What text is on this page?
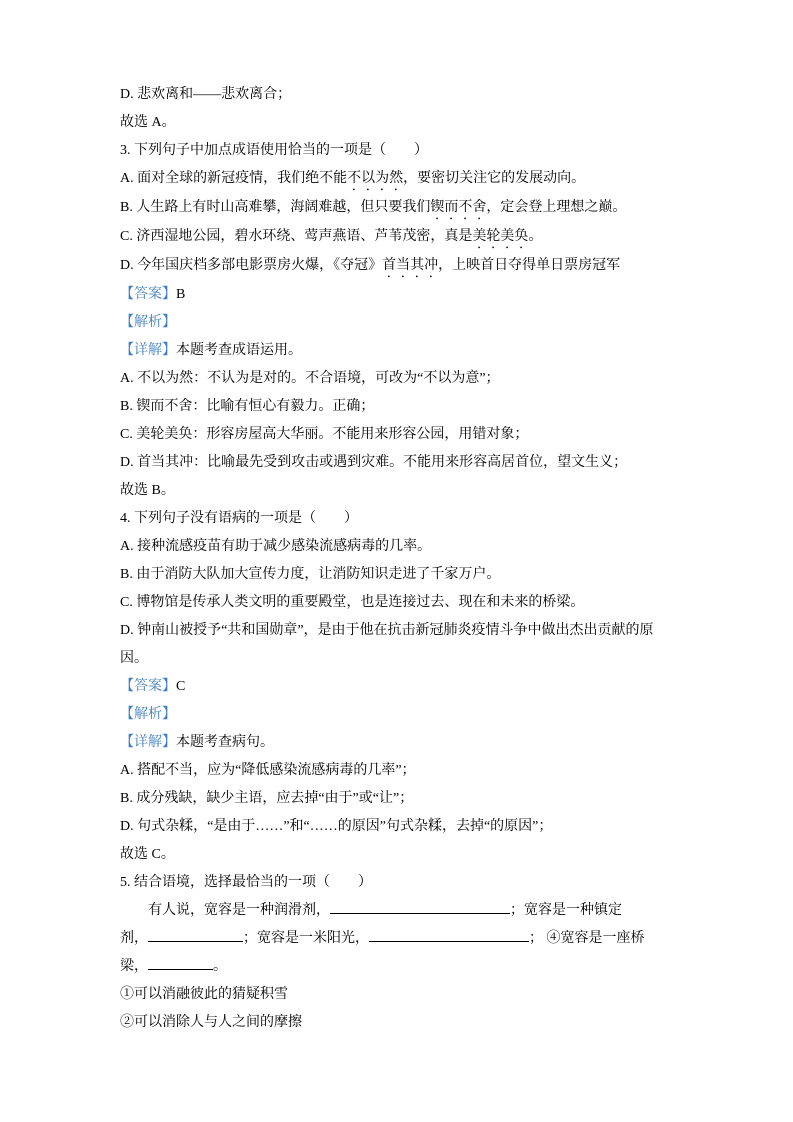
D. 悲欢离和——悲欢离合；

故选 A。

3. 下列句子中加点成语使用恰当的一项是（　　）

A. 面对全球的新冠疫情，我们绝不能不以为然，要密切关注它的发展动向。

B. 人生路上有时山高难攀，海阔难越，但只要我们锲而不舍，定会登上理想之巅。

C. 济西湿地公园，碧水环绕、莺声燕语、芦苇茂密，真是美轮美奂。

D. 今年国庆档多部电影票房火爆，《夺冠》首当其冲，上映首日夺得单日票房冠军

【答案】B

【解析】

【详解】本题考查成语运用。

A. 不以为然：不认为是对的。不合语境，可改为“不以为意”；

B. 锲而不舍：比喻有恒心有毅力。正确；

C. 美轮美奂：形容房屋高大华丽。不能用来形容公园，用错对象；

D. 首当其冲：比喻最先受到攻击或遇到灾难。不能用来形容高居首位，望文生义；

故选 B。

4. 下列句子没有语病的一项是（　　）

A. 接种流感疫苗有助于减少感染流感病毒的几率。

B. 由于消防大队加大宣传力度，让消防知识走进了千家万户。

C. 博物馆是传承人类文明的重要殿堂，也是连接过去、现在和未来的桥梁。

D. 钟南山被授予“共和国勋章”，是由于他在抗击新冠肺炎疫情斗争中做出杰出贡献的原

因。

【答案】C

【解析】

【详解】本题考查病句。

A. 搭配不当，应为“降低感染流感病毒的几率”；

B. 成分残缺，缺少主语，应去掉“由于”或“让”；

D. 句式杂糅，“是由于……”和“……的原因”句式杂糅，去掉“的原因”；

故选 C。

5. 结合语境，选择最恰当的一项（　　）

有人说，宽容是一种润滑剂，	；宽容是一种镇定

剂，	；宽容是一米阳光，	； ④宽容是一座桥

梁，	。

①可以消融彼此的猜疑积雪

②可以消除人与人之间的摩擦
